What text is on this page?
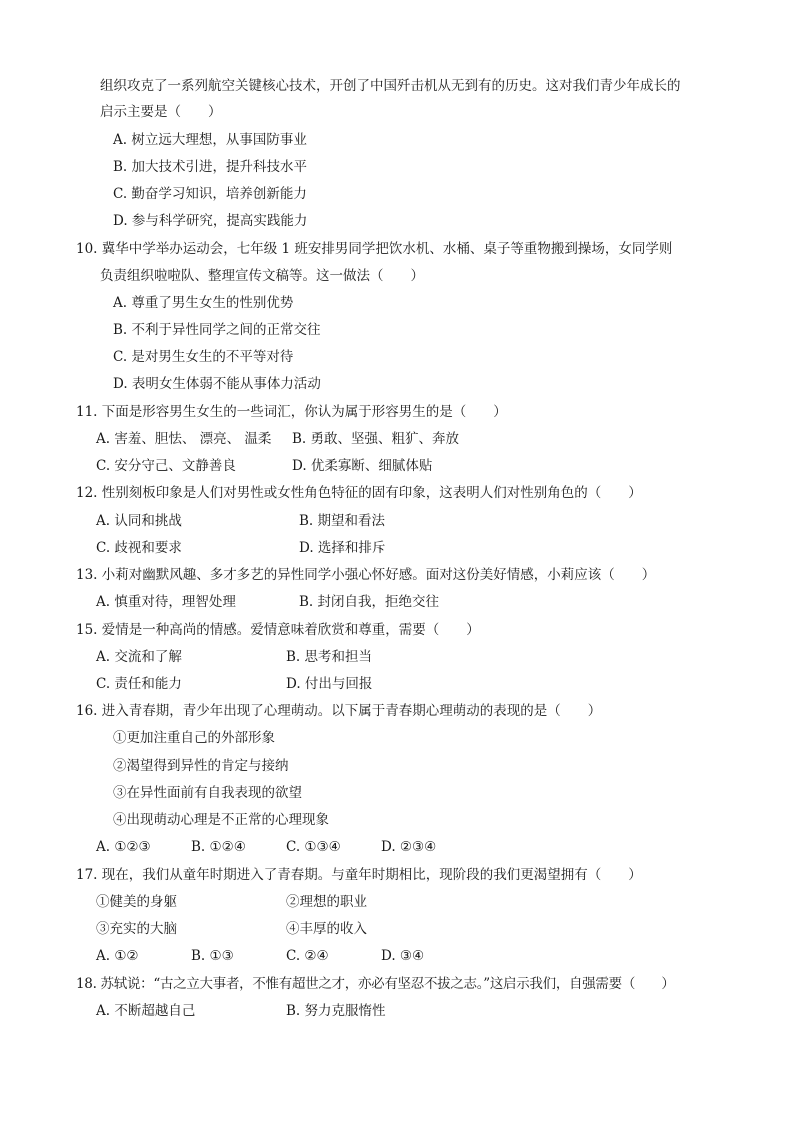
组织攻克了一系列航空关键核心技术，开创了中国歼击机从无到有的历史。这对我们青少年成长的
启示主要是（　　）
A. 树立远大理想，从事国防事业
B. 加大技术引进，提升科技水平
C. 勤奋学习知识，培养创新能力
D. 参与科学研究，提高实践能力
10. 冀华中学举办运动会，七年级 1 班安排男同学把饮水机、水桶、桌子等重物搬到操场，女同学则
负责组织啦啦队、整理宣传文稿等。这一做法（　　）
A. 尊重了男生女生的性别优势
B. 不利于异性同学之间的正常交往
C. 是对男生女生的不平等对待
D. 表明女生体弱不能从事体力活动
11. 下面是形容男生女生的一些词汇，你认为属于形容男生的是（　　）
A. 害羞、胆怯、 漂亮、 温柔 B. 勇敢、坚强、粗犷、奔放
C. 安分守己、文静善良	D. 优柔寡断、细腻体贴
12. 性别刻板印象是人们对男性或女性角色特征的固有印象，这表明人们对性别角色的（　　）
A. 认同和挑战	B. 期望和看法
C. 歧视和要求	D. 选择和排斥
13. 小莉对幽默风趣、多才多艺的异性同学小强心怀好感。面对这份美好情感，小莉应该（　　）
A. 慎重对待，理智处理	B. 封闭自我，拒绝交往
15. 爱情是一种高尚的情感。爱情意味着欣赏和尊重，需要（　　）
A. 交流和了解	B. 思考和担当
C. 责任和能力	D. 付出与回报
16. 进入青春期，青少年出现了心理萌动。以下属于青春期心理萌动的表现的是（　　）
①更加注重自己的外部形象
②渴望得到异性的肯定与接纳
③在异性面前有自我表现的欲望
④出现萌动心理是不正常的心理现象
A. ①②③	B. ①②④	C. ①③④	D. ②③④
17. 现在，我们从童年时期进入了青春期。与童年时期相比，现阶段的我们更渴望拥有（　　）
①健美的身躯	②理想的职业
③充实的大脑	④丰厚的收入
A. ①②	B. ①③	C. ②④	D. ③④
18. 苏轼说：“古之立大事者，不惟有超世之才，亦必有坚忍不拔之志。”这启示我们，自强需要（　　）
A. 不断超越自己	B. 努力克服惰性
